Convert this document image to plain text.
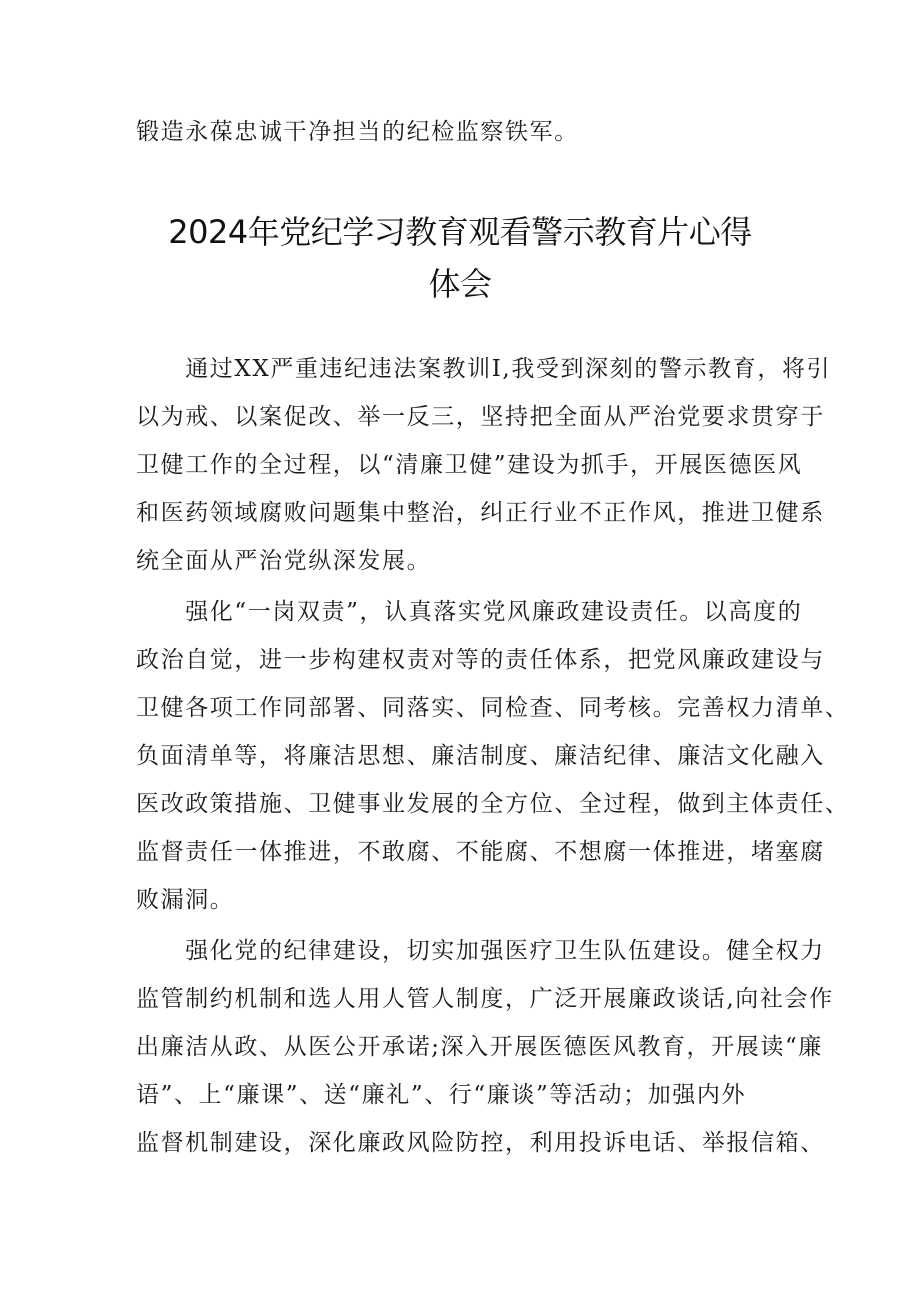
锻造永葆忠诚干净担当的纪检监察铁军。
2024年党纪学习教育观看警示教育片心得
体会
　　通过XX严重违纪违法案教训I,我受到深刻的警示教育，将引
以为戒、以案促改、举一反三，坚持把全面从严治党要求贯穿于
卫健工作的全过程，以“清廉卫健”建设为抓手，开展医德医风
和医药领域腐败问题集中整治，纠正行业不正作风，推进卫健系
统全面从严治党纵深发展。
　　强化“一岗双责”，认真落实党风廉政建设责任。以高度的
政治自觉，进一步构建权责对等的责任体系，把党风廉政建设与
卫健各项工作同部署、同落实、同检查、同考核。完善权力清单、
负面清单等，将廉洁思想、廉洁制度、廉洁纪律、廉洁文化融入
医改政策措施、卫健事业发展的全方位、全过程，做到主体责任、
监督责任一体推进，不敢腐、不能腐、不想腐一体推进，堵塞腐
败漏洞。
　　强化党的纪律建设，切实加强医疗卫生队伍建设。健全权力
监管制约机制和选人用人管人制度，广泛开展廉政谈话,向社会作
出廉洁从政、从医公开承诺;深入开展医德医风教育，开展读“廉
语”、上“廉课”、送“廉礼”、行“廉谈”等活动；加强内外
监督机制建设，深化廉政风险防控，利用投诉电话、举报信箱、
